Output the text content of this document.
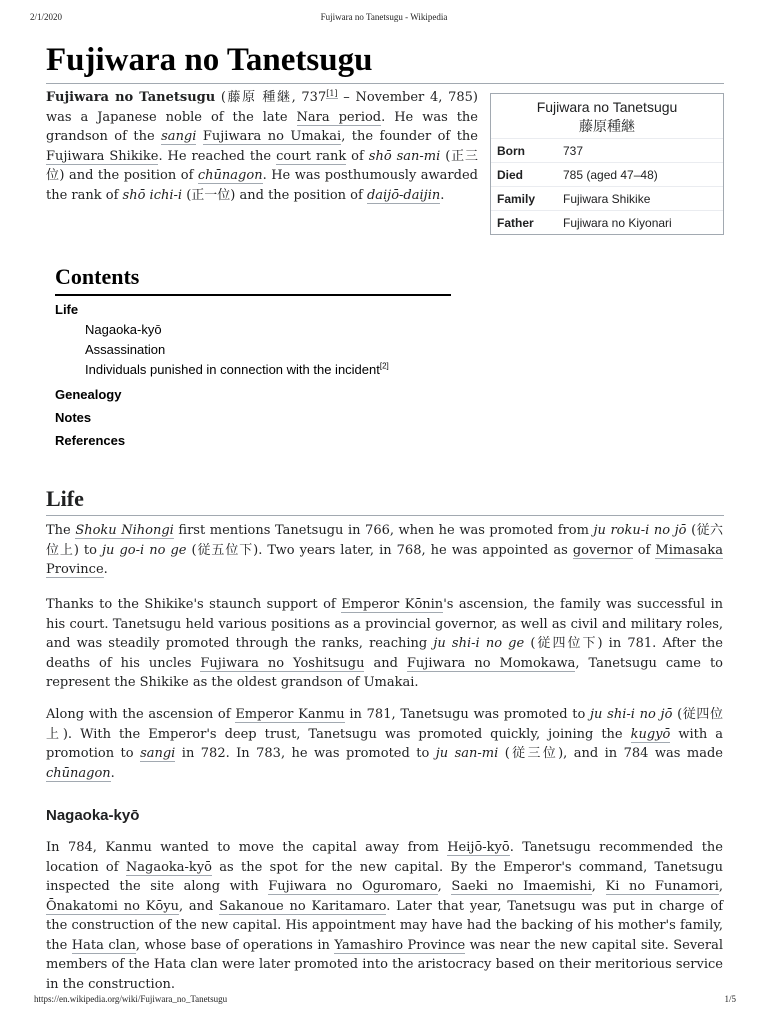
2/1/2020	Fujiwara no Tanetsugu - Wikipedia
Fujiwara no Tanetsugu

Fujiwara no Tanetsugu (藤原 種継, 737[1] – November 4, 785) was a Japanese noble of the late Nara period. He was the grandson of the sangi Fujiwara no Umakai, the founder of the Fujiwara Shikike. He reached the court rank of shō san-mi (正三位) and the position of chūnagon. He was posthumously awarded the rank of shō ichi-i (正一位) and the position of daijō-daijin.

Fujiwara no Tanetsugu
藤原種継
Born	737
Died	785 (aged 47–48)
Family	Fujiwara Shikike
Father	Fujiwara no Kiyonari
Contents
Life
Nagaoka-kyō
Assassination
Individuals punished in connection with the incident[2]
Genealogy
Notes
References
Life

The Shoku Nihongi first mentions Tanetsugu in 766, when he was promoted from ju roku-i no jō (従六位上) to ju go-i no ge (従五位下). Two years later, in 768, he was appointed as governor of Mimasaka Province.

Thanks to the Shikike's staunch support of Emperor Kōnin's ascension, the family was successful in his court. Tanetsugu held various positions as a provincial governor, as well as civil and military roles, and was steadily promoted through the ranks, reaching ju shi-i no ge (従四位下) in 781. After the deaths of his uncles Fujiwara no Yoshitsugu and Fujiwara no Momokawa, Tanetsugu came to represent the Shikike as the oldest grandson of Umakai.

Along with the ascension of Emperor Kanmu in 781, Tanetsugu was promoted to ju shi-i no jō (従四位上). With the Emperor's deep trust, Tanetsugu was promoted quickly, joining the kugyō with a promotion to sangi in 782. In 783, he was promoted to ju san-mi (従三位), and in 784 was made chūnagon.

Nagaoka-kyō

In 784, Kanmu wanted to move the capital away from Heijō-kyō. Tanetsugu recommended the location of Nagaoka-kyō as the spot for the new capital. By the Emperor's command, Tanetsugu inspected the site along with Fujiwara no Oguromaro, Saeki no Imaemishi, Ki no Funamori, Ōnakatomi no Kōyu, and Sakanoue no Karitamaro. Later that year, Tanetsugu was put in charge of the construction of the new capital. His appointment may have had the backing of his mother's family, the Hata clan, whose base of operations in Yamashiro Province was near the new capital site. Several members of the Hata clan were later promoted into the aristocracy based on their meritorious service in the construction.

https://en.wikipedia.org/wiki/Fujiwara_no_Tanetsugu	1/5
